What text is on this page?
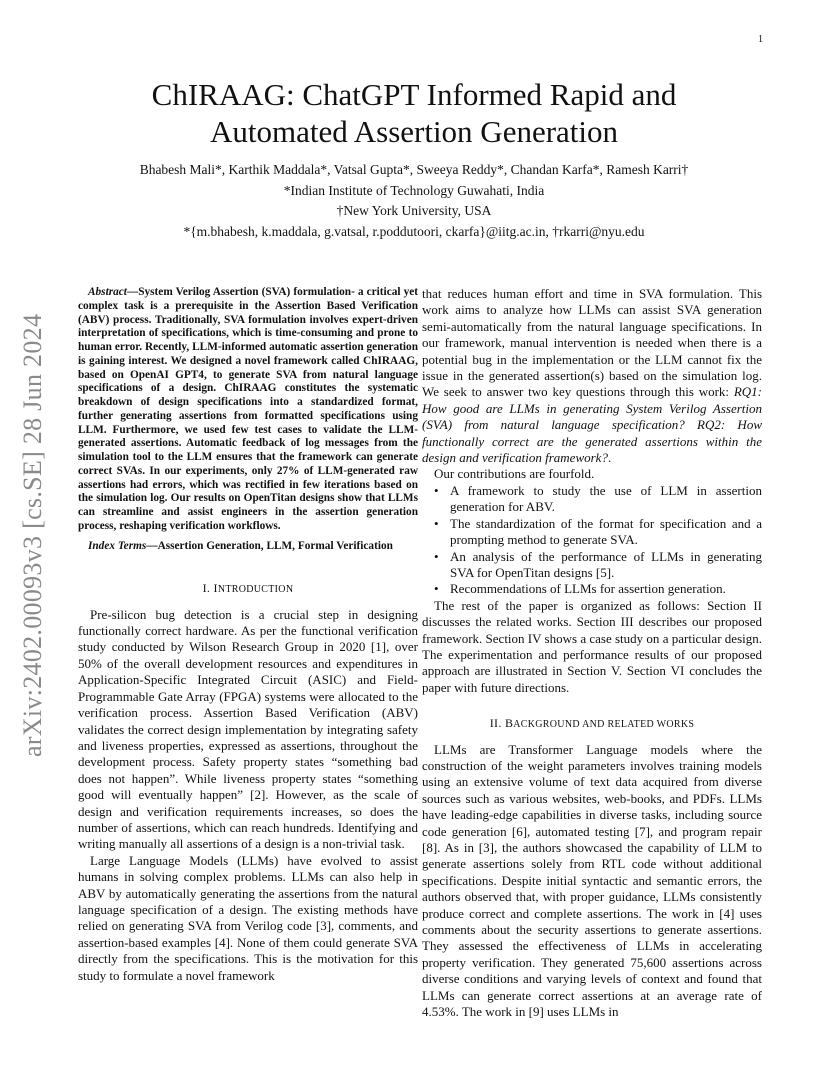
1
arXiv:2402.00093v3 [cs.SE] 28 Jun 2024
ChIRAAG: ChatGPT Informed Rapid and
Automated Assertion Generation
Bhabesh Mali*, Karthik Maddala*, Vatsal Gupta*, Sweeya Reddy*, Chandan Karfa*, Ramesh Karri†
*Indian Institute of Technology Guwahati, India
†New York University, USA
*{m.bhabesh, k.maddala, g.vatsal, r.poddutoori, ckarfa}@iitg.ac.in, †rkarri@nyu.edu

Abstract—System Verilog Assertion (SVA) formulation- a critical yet complex task is a prerequisite in the Assertion Based Verification (ABV) process. Traditionally, SVA formulation involves expert-driven interpretation of specifications, which is time-consuming and prone to human error. Recently, LLM-informed automatic assertion generation is gaining interest. We designed a novel framework called ChIRAAG, based on OpenAI GPT4, to generate SVA from natural language specifications of a design. ChIRAAG constitutes the systematic breakdown of design specifications into a standardized format, further generating assertions from formatted specifications using LLM. Furthermore, we used few test cases to validate the LLM-generated assertions. Automatic feedback of log messages from the simulation tool to the LLM ensures that the framework can generate correct SVAs. In our experiments, only 27% of LLM-generated raw assertions had errors, which was rectified in few iterations based on the simulation log. Our results on OpenTitan designs show that LLMs can streamline and assist engineers in the assertion generation process, reshaping verification workflows.

Index Terms—Assertion Generation, LLM, Formal Verification

I. INTRODUCTION

Pre-silicon bug detection is a crucial step in designing functionally correct hardware. As per the functional verification study conducted by Wilson Research Group in 2020 [1], over 50% of the overall development resources and expenditures in Application-Specific Integrated Circuit (ASIC) and Field-Programmable Gate Array (FPGA) systems were allocated to the verification process. Assertion Based Verification (ABV) validates the correct design implementation by integrating safety and liveness properties, expressed as assertions, throughout the development process. Safety property states “something bad does not happen”. While liveness property states “something good will eventually happen” [2]. However, as the scale of design and verification requirements increases, so does the number of assertions, which can reach hundreds. Identifying and writing manually all assertions of a design is a non-trivial task.

Large Language Models (LLMs) have evolved to assist humans in solving complex problems. LLMs can also help in ABV by automatically generating the assertions from the natural language specification of a design. The existing methods have relied on generating SVA from Verilog code [3], comments, and assertion-based examples [4]. None of them could generate SVA directly from the specifications. This is the motivation for this study to formulate a novel framework

that reduces human effort and time in SVA formulation. This work aims to analyze how LLMs can assist SVA generation semi-automatically from the natural language specifications. In our framework, manual intervention is needed when there is a potential bug in the implementation or the LLM cannot fix the issue in the generated assertion(s) based on the simulation log. We seek to answer two key questions through this work: RQ1: How good are LLMs in generating System Verilog Assertion (SVA) from natural language specification? RQ2: How functionally correct are the generated assertions within the design and verification framework?.

Our contributions are fourfold.

• A framework to study the use of LLM in assertion generation for ABV.
• The standardization of the format for specification and a prompting method to generate SVA.
• An analysis of the performance of LLMs in generating SVA for OpenTitan designs [5].
• Recommendations of LLMs for assertion generation.

The rest of the paper is organized as follows: Section II discusses the related works. Section III describes our proposed framework. Section IV shows a case study on a particular design. The experimentation and performance results of our proposed approach are illustrated in Section V. Section VI concludes the paper with future directions.

II. BACKGROUND AND RELATED WORKS

LLMs are Transformer Language models where the construction of the weight parameters involves training models using an extensive volume of text data acquired from diverse sources such as various websites, web-books, and PDFs. LLMs have leading-edge capabilities in diverse tasks, including source code generation [6], automated testing [7], and program repair [8]. As in [3], the authors showcased the capability of LLM to generate assertions solely from RTL code without additional specifications. Despite initial syntactic and semantic errors, the authors observed that, with proper guidance, LLMs consistently produce correct and complete assertions. The work in [4] uses comments about the security assertions to generate assertions. They assessed the effectiveness of LLMs in accelerating property verification. They generated 75,600 assertions across diverse conditions and varying levels of context and found that LLMs can generate correct assertions at an average rate of 4.53%. The work in [9] uses LLMs in
